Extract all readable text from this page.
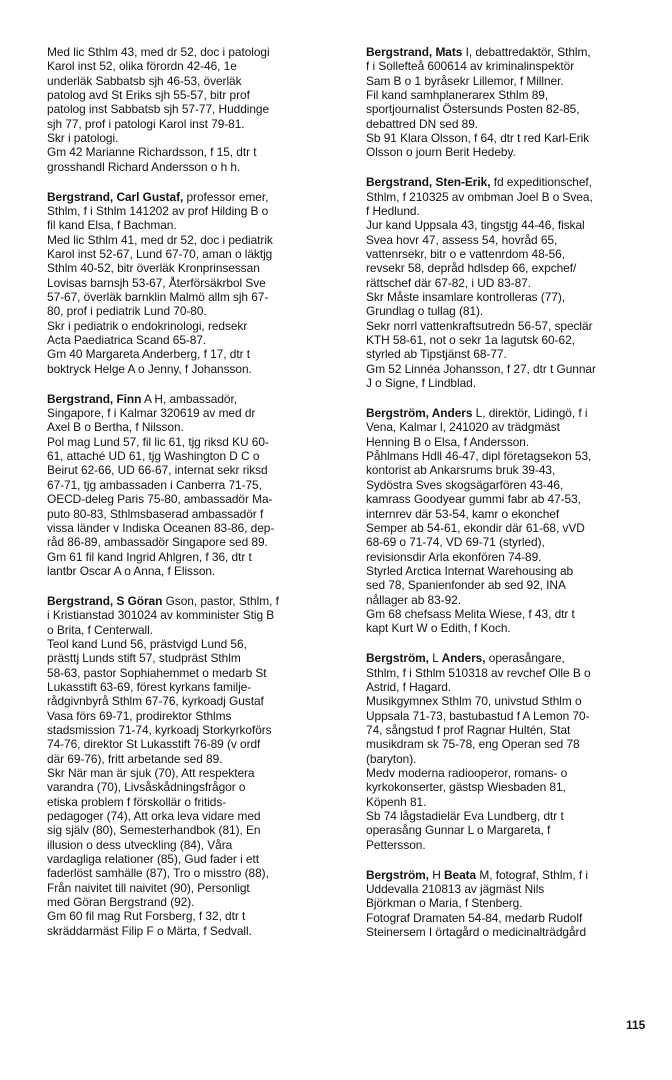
Med lic Sthlm 43, med dr 52, doc i patologi
Karol inst 52, olika förordn 42-46, 1e
underläk Sabbatsb sjh 46-53, överläk
patolog avd St Eriks sjh 55-57, bitr prof
patolog inst Sabbatsb sjh 57-77, Huddinge
sjh 77, prof i patologi Karol inst 79-81.
Skr i patologi.
Gm 42 Marianne Richardsson, f 15, dtr t
grosshandl Richard Andersson o h h.
Bergstrand, Carl Gustaf, professor emer,
Sthlm, f i Sthlm 141202 av prof Hilding B o
fil kand Elsa, f Bachman.
Med lic Sthlm 41, med dr 52, doc i pediatrik
Karol inst 52-67, Lund 67-70, aman o läktjg
Sthlm 40-52, bitr överläk Kronprinsessan
Lovisas barnsjh 53-67, Återförsäkrbol Sve
57-67, överläk barnklin Malmö allm sjh 67-
80, prof i pediatrik Lund 70-80.
Skr i pediatrik o endokrinologi, redsekr
Acta Paediatrica Scand 65-87.
Gm 40 Margareta Anderberg, f 17, dtr t
boktryck Helge A o Jenny, f Johansson.
Bergstrand, Finn A H, ambassadör,
Singapore, f i Kalmar 320619 av med dr
Axel B o Bertha, f Nilsson.
Pol mag Lund 57, fil lic 61, tjg riksd KU 60-
61, attaché UD 61, tjg Washington D C o
Beirut 62-66, UD 66-67, internat sekr riksd
67-71, tjg ambassaden i Canberra 71-75,
OECD-deleg Paris 75-80, ambassadör Ma-
puto 80-83, Sthlmsbaserad ambassadör f
vissa länder v Indiska Oceanen 83-86, dep-
råd 86-89, ambassadör Singapore sed 89.
Gm 61 fil kand Ingrid Ahlgren, f 36, dtr t
lantbr Oscar A o Anna, f Elisson.
Bergstrand, S Göran Gson, pastor, Sthlm, f
i Kristianstad 301024 av komminister Stig B
o Brita, f Centerwall.
Teol kand Lund 56, prästvigd Lund 56,
prästtj Lunds stift 57, studpräst Sthlm
58-63, pastor Sophiahemmet o medarb St
Lukasstift 63-69, förest kyrkans familje-
rådgivnbyrå Sthlm 67-76, kyrkoadj Gustaf
Vasa förs 69-71, prodirektor Sthlms
stadsmission 71-74, kyrkoadj Storkyrkoförs
74-76, direktor St Lukasstift 76-89 (v ordf
där 69-76), fritt arbetande sed 89.
Skr När man är sjuk (70), Att respektera
varandra (70), Livsåskådningsfrågor o
etiska problem f förskollär o fritids-
pedagoger (74), Att orka leva vidare med
sig själv (80), Semesterhandbok (81), En
illusion o dess utveckling (84), Våra
vardagliga relationer (85), Gud fader i ett
faderlöst samhälle (87), Tro o misstro (88),
Från naivitet till naivitet (90), Personligt
med Göran Bergstrand (92).
Gm 60 fil mag Rut Forsberg, f 32, dtr t
skräddarmäst Filip F o Märta, f Sedvall.
Bergstrand, Mats I, debattredaktör, Sthlm,
f i Sollefteå 600614 av kriminalinspektör
Sam B o 1 byråsekr Lillemor, f Millner.
Fil kand samhplanerarex Sthlm 89,
sportjournalist Östersunds Posten 82-85,
debattred DN sed 89.
Sb 91 Klara Olsson, f 64, dtr t red Karl-Erik
Olsson o journ Berit Hedeby.
Bergstrand, Sten-Erik, fd expeditionschef,
Sthlm, f 210325 av ombman Joel B o Svea,
f Hedlund.
Jur kand Uppsala 43, tingstjg 44-46, fiskal
Svea hovr 47, assess 54, hovråd 65,
vattenrsekr, bitr o e vattenrdom 48-56,
revsekr 58, depråd hdlsdep 66, expchef/
rättschef där 67-82, i UD 83-87.
Skr Måste insamlare kontrolleras (77),
Grundlag o tullag (81).
Sekr norrl vattenkraftsutredn 56-57, speclär
KTH 58-61, not o sekr 1a lagutsk 60-62,
styrled ab Tipstjänst 68-77.
Gm 52 Linnéa Johansson, f 27, dtr t Gunnar
J o Signe, f Lindblad.
Bergström, Anders L, direktör, Lidingö, f i
Vena, Kalmar l, 241020 av trädgmäst
Henning B o Elsa, f Andersson.
Påhlmans Hdll 46-47, dipl företagsekon 53,
kontorist ab Ankarsrums bruk 39-43,
Sydöstra Sves skogsägarfören 43-46,
kamrass Goodyear gummi fabr ab 47-53,
internrev där 53-54, kamr o ekonchef
Semper ab 54-61, ekondir där 61-68, vVD
68-69 o 71-74, VD 69-71 (styrled),
revisionsdir Arla ekonfören 74-89.
Styrled Arctica Internat Warehousing ab
sed 78, Spanienfonder ab sed 92, INA
nållager ab 83-92.
Gm 68 chefsass Melita Wiese, f 43, dtr t
kapt Kurt W o Edith, f Koch.
Bergström, L Anders, operasångare,
Sthlm, f i Sthlm 510318 av revchef Olle B o
Astrid, f Hagard.
Musikgymnex Sthlm 70, univstud Sthlm o
Uppsala 71-73, bastubastud f A Lemon 70-
74, sångstud f prof Ragnar Hultén, Stat
musikdram sk 75-78, eng Operan sed 78
(baryton).
Medv moderna radiooperor, romans- o
kyrkokonserter, gästsp Wiesbaden 81,
Köpenh 81.
Sb 74 lågstadielär Eva Lundberg, dtr t
operasång Gunnar L o Margareta, f
Pettersson.
Bergström, H Beata M, fotograf, Sthlm, f i
Uddevalla 210813 av jägmäst Nils
Björkman o Maria, f Stenberg.
Fotograf Dramaten 54-84, medarb Rudolf
Steinersem I örtagård o medicinalträdgård
115
